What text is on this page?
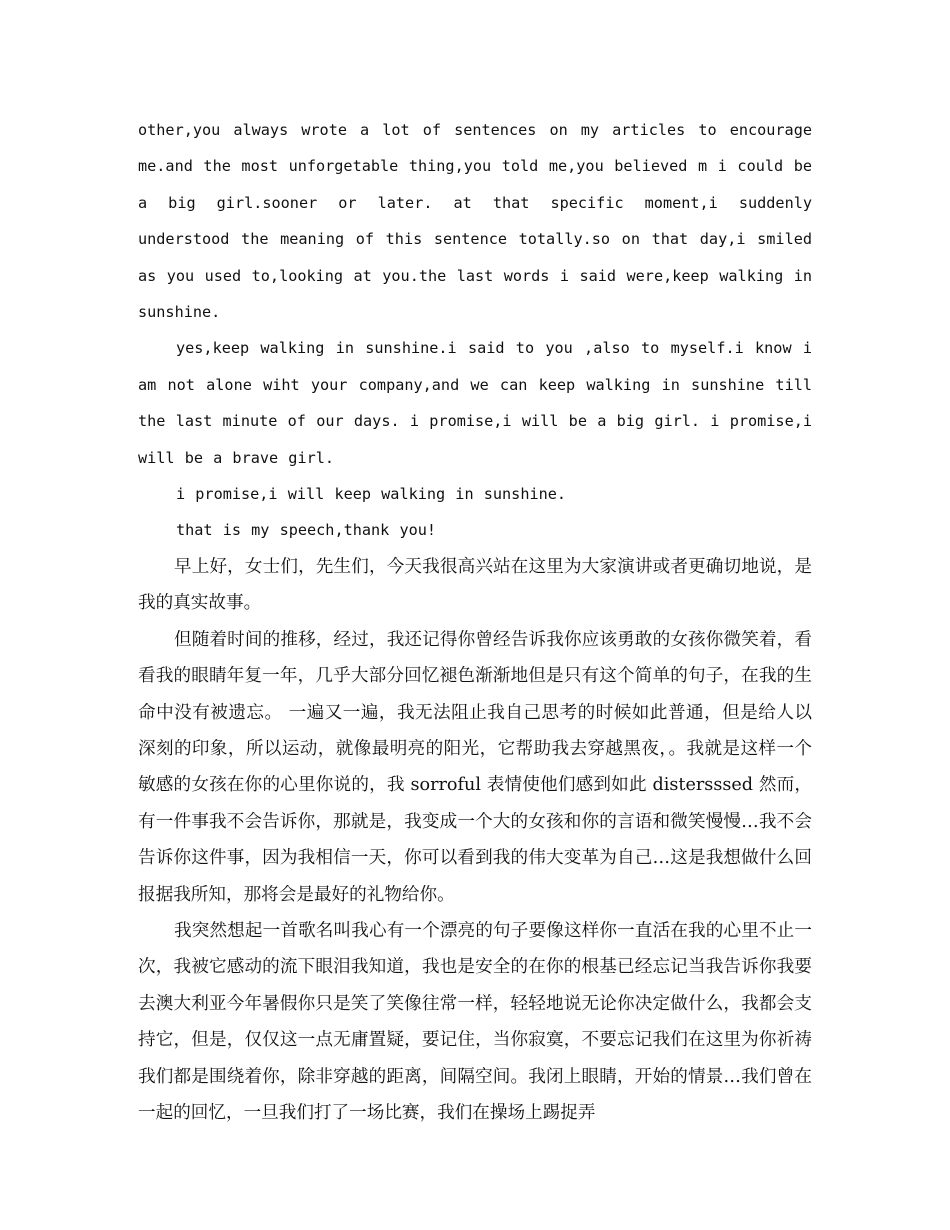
other,you always wrote a lot of sentences on my articles to encourage me.and the most unforgetable thing,you told me,you believed m i could be a big girl.sooner or later. at that specific moment,i suddenly understood the meaning of this sentence totally.so on that day,i smiled as you used to,looking at you.the last words i said were,keep walking in sunshine.

yes,keep walking in sunshine.i said to you ,also to myself.i know i am not alone wiht your company,and we can keep walking in sunshine till the last minute of our days. i promise,i will be a big girl. i promise,i will be a brave girl.

i promise,i will keep walking in sunshine.

that is my speech,thank you!

早上好，女士们，先生们，今天我很高兴站在这里为大家演讲或者更确切地说，是我的真实故事。

但随着时间的推移，经过，我还记得你曾经告诉我你应该勇敢的女孩你微笑着，看看我的眼睛年复一年，几乎大部分回忆褪色渐渐地但是只有这个简单的句子，在我的生命中没有被遗忘。 一遍又一遍，我无法阻止我自己思考的时候如此普通，但是给人以深刻的印象，所以运动，就像最明亮的阳光，它帮助我去穿越黑夜，。我就是这样一个敏感的女孩在你的心里你说的，我 sorroful 表情使他们感到如此 distersssed 然而，有一件事我不会告诉你，那就是，我变成一个大的女孩和你的言语和微笑慢慢…我不会告诉你这件事，因为我相信一天，你可以看到我的伟大变革为自己…这是我想做什么回报据我所知，那将会是最好的礼物给你。

我突然想起一首歌名叫我心有一个漂亮的句子要像这样你一直活在我的心里不止一次，我被它感动的流下眼泪我知道，我也是安全的在你的根基已经忘记当我告诉你我要去澳大利亚今年暑假你只是笑了笑像往常一样，轻轻地说无论你决定做什么，我都会支持它，但是，仅仅这一点无庸置疑，要记住，当你寂寞，不要忘记我们在这里为你祈祷我们都是围绕着你，除非穿越的距离，间隔空间。我闭上眼睛，开始的情景…我们曾在一起的回忆，一旦我们打了一场比赛，我们在操场上踢捉弄
